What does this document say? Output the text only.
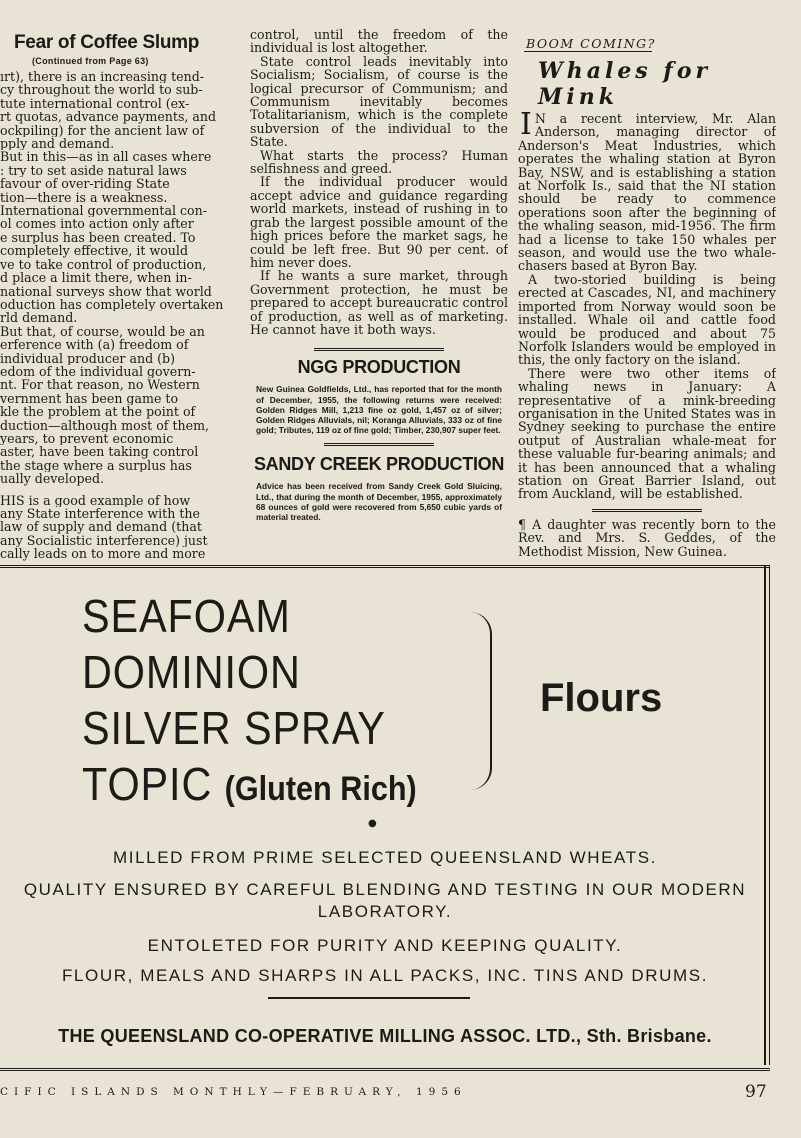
Fear of Coffee Slump
(Continued from Page 63)

ırt), there is an increasing tend-

cy throughout the world to sub-

tute international control (ex-

rt quotas, advance payments, and

ockpiling) for the ancient law of

pply and demand.

But in this—as in all cases where

: try to set aside natural laws

favour of over-riding State

tion—there is a weakness.

International governmental con-

ol comes into action only after

e surplus has been created. To

completely effective, it would

ve to take control of production,

d place a limit there, when in-

national surveys show that world

oduction has completely overtaken

rld demand.

But that, of course, would be an

erference with (a) freedom of

individual producer and (b)

edom of the individual govern-

nt. For that reason, no Western

vernment has been game to

kle the problem at the point of

duction—although most of them,

years, to prevent economic

aster, have been taking control

the stage where a surplus has

ually developed.

HIS is a good example of how

any State interference with the

law of supply and demand (that

any Socialistic interference) just

cally leads on to more and more

control, until the freedom of the individual is lost altogether.

State control leads inevitably into Socialism; Socialism, of course is the logical precursor of Communism; and Communism inevitably becomes Totalitarianism, which is the complete subversion of the individual to the State.

What starts the process? Human selfishness and greed.

If the individual producer would accept advice and guidance regarding world markets, instead of rushing in to grab the largest possible amount of the high prices before the market sags, he could be left free. But 90 per cent. of him never does.

If he wants a sure market, through Government protection, he must be prepared to accept bureaucratic control of production, as well as of marketing. He cannot have it both ways.

NGG PRODUCTION
New Guinea Goldfields, Ltd., has reported that for the month of December, 1955, the following returns were received: Golden Ridges Mill, 1,213 fine oz gold, 1,457 oz of silver; Golden Ridges Alluvials, nil; Koranga Alluvials, 333 oz of fine gold; Tributes, 119 oz of fine gold; Timber, 230,907 super feet.
SANDY CREEK PRODUCTION
Advice has been received from Sandy Creek Gold Sluicing, Ltd., that during the month of December, 1955, approximately 68 ounces of gold were recovered from 5,650 cubic yards of material treated.
BOOM COMING?
Whales for Mink

I N a recent interview, Mr. Alan Anderson, managing director of Anderson's Meat Industries, which operates the whaling station at Byron Bay, NSW, and is establishing a station at Norfolk Is., said that the NI station should be ready to commence operations soon after the beginning of the whaling season, mid-1956. The firm had a license to take 150 whales per season, and would use the two whale-chasers based at Byron Bay.

A two-storied building is being erected at Cascades, NI, and machinery imported from Norway would soon be installed. Whale oil and cattle food would be produced and about 75 Norfolk Islanders would be employed in this, the only factory on the island.

There were two other items of whaling news in January: A representative of a mink-breeding organisation in the United States was in Sydney seeking to purchase the entire output of Australian whale-meat for these valuable fur-bearing animals; and it has been announced that a whaling station on Great Barrier Island, out from Auckland, will be established.

¶ A daughter was recently born to the Rev. and Mrs. S. Geddes, of the Methodist Mission, New Guinea.

SEAFOAM
DOMINION
SILVER SPRAY
TOPIC (Gluten Rich)
Flours
●
MILLED FROM PRIME SELECTED QUEENSLAND WHEATS.
QUALITY ENSURED BY CAREFUL BLENDING AND TESTING IN OUR MODERN
LABORATORY.
ENTOLETED FOR PURITY AND KEEPING QUALITY.
FLOUR, MEALS AND SHARPS IN ALL PACKS, INC. TINS AND DRUMS.
THE QUEENSLAND CO-OPERATIVE MILLING ASSOC. LTD., Sth. Brisbane.
CIFIC ISLANDS MONTHLY—FEBRUARY, 1956	97
